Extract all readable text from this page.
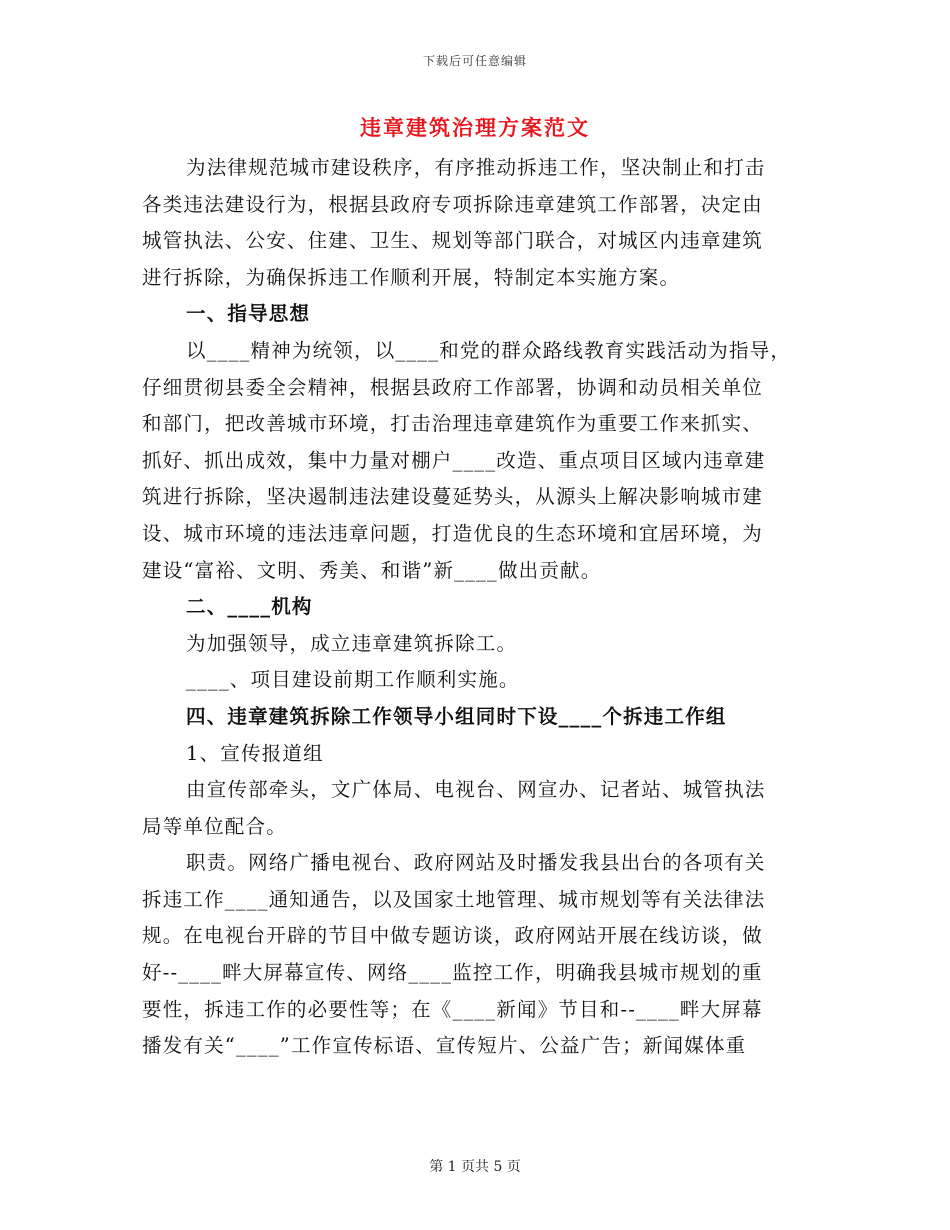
下载后可任意编辑
违章建筑治理方案范文
为法律规范城市建设秩序，有序推动拆违工作，坚决制止和打击
各类违法建设行为，根据县政府专项拆除违章建筑工作部署，决定由
城管执法、公安、住建、卫生、规划等部门联合，对城区内违章建筑
进行拆除，为确保拆违工作顺利开展，特制定本实施方案。
一、指导思想
以____精神为统领，以____和党的群众路线教育实践活动为指导，
仔细贯彻县委全会精神，根据县政府工作部署，协调和动员相关单位
和部门，把改善城市环境，打击治理违章建筑作为重要工作来抓实、
抓好、抓出成效，集中力量对棚户____改造、重点项目区域内违章建
筑进行拆除，坚决遏制违法建设蔓延势头，从源头上解决影响城市建
设、城市环境的违法违章问题，打造优良的生态环境和宜居环境，为
建设“富裕、文明、秀美、和谐”新____做出贡献。
二、____机构
为加强领导，成立违章建筑拆除工。
____、项目建设前期工作顺利实施。
四、违章建筑拆除工作领导小组同时下设____个拆违工作组
1、宣传报道组
由宣传部牵头，文广体局、电视台、网宣办、记者站、城管执法
局等单位配合。
职责。网络广播电视台、政府网站及时播发我县出台的各项有关
拆违工作____通知通告，以及国家土地管理、城市规划等有关法律法
规。在电视台开辟的节目中做专题访谈，政府网站开展在线访谈，做
好--____畔大屏幕宣传、网络____监控工作，明确我县城市规划的重
要性，拆违工作的必要性等；在《____新闻》节目和--____畔大屏幕
播发有关“____”工作宣传标语、宣传短片、公益广告；新闻媒体重
第 1 页共 5 页
